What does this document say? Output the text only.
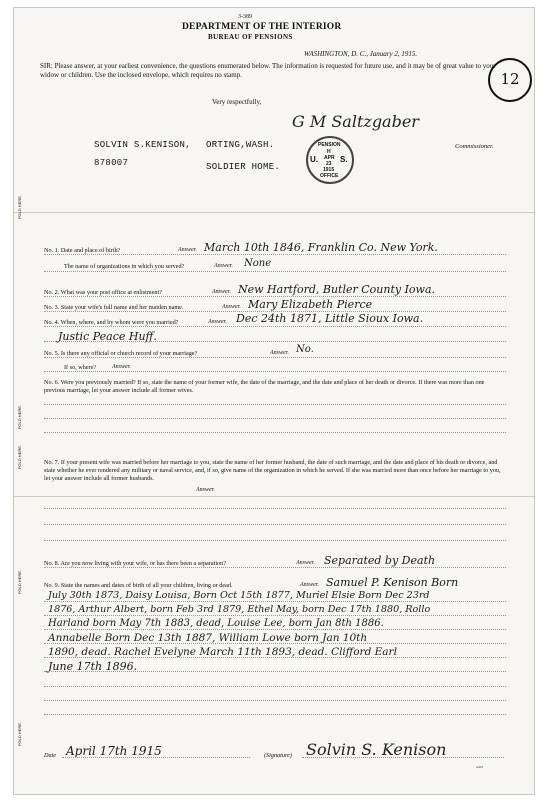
3-389
DEPARTMENT OF THE INTERIOR
BUREAU OF PENSIONS
WASHINGTON, D. C., January 2, 1915.
SIR: Please answer, at your earliest convenience, the questions enumerated below. The information is requested for future use, and it may be of great value to your widow or children. Use the inclosed envelope, which requires no stamp.
Very respectfully,
G M Saltzgaber
Commissioner.
12
PENSION
H
APR
23
1915
U.	S.
OFFICE
SOLVIN S.KENISON, ORTING,WASH.
878007	SOLDIER HOME.
FOLD HERE.
FOLD HERE.
FOLD HERE.
FOLD HERE.
FOLD HERE.
No. 1. Date and place of birth?	Answer. March 10th 1846, Franklin Co. New York.
The name of organizations in which you served?	Answer. None
No. 2. What was your post office at enlistment?	Answer. New Hartford, Butler County Iowa.
No. 3. State your wife's full name and her maiden name.	Answer. Mary Elizabeth Pierce
No. 4. When, where, and by whom were you married?	Answer. Dec 24th 1871, Little Sioux Iowa.
Justic Peace Huff.
No. 5. Is there any official or church record of your marriage?	Answer. No.
If so, where?	Answer.
No. 6. Were you previously married? If so, state the name of your former wife, the date of the marriage, and the date and place of her death or divorce. If there was more than one previous marriage, let your answer include all former wives.
No. 7. If your present wife was married before her marriage to you, state the name of her former husband, the date of such marriage, and the date and place of his death or divorce, and state whether he ever rendered any military or naval service, and, if so, give name of the organization in which he served. If she was married more than once before her marriage to you, let your answer include all former husbands.
Answer.
No. 8. Are you now living with your wife, or has there been a separation?	Answer. Separated by Death
No. 9. State the names and dates of birth of all your children, living or dead.	Answer. Samuel P. Kenison Born
July 30th 1873, Daisy Louisa, Born Oct 15th 1877, Muriel Elsie Born Dec 23rd
1876, Arthur Albert, born Feb 3rd 1879, Ethel May, born Dec 17th 1880, Rollo
Harland born May 7th 1883, dead, Louise Lee, born Jan 8th 1886.
Annabelle Born Dec 13th 1887, William Lowe born Jan 10th
1890, dead. Rachel Evelyne March 11th 1893, dead. Clifford Earl
June 17th 1896.
Date April 17th 1915	(Signature) Solvin S. Kenison
4-923
